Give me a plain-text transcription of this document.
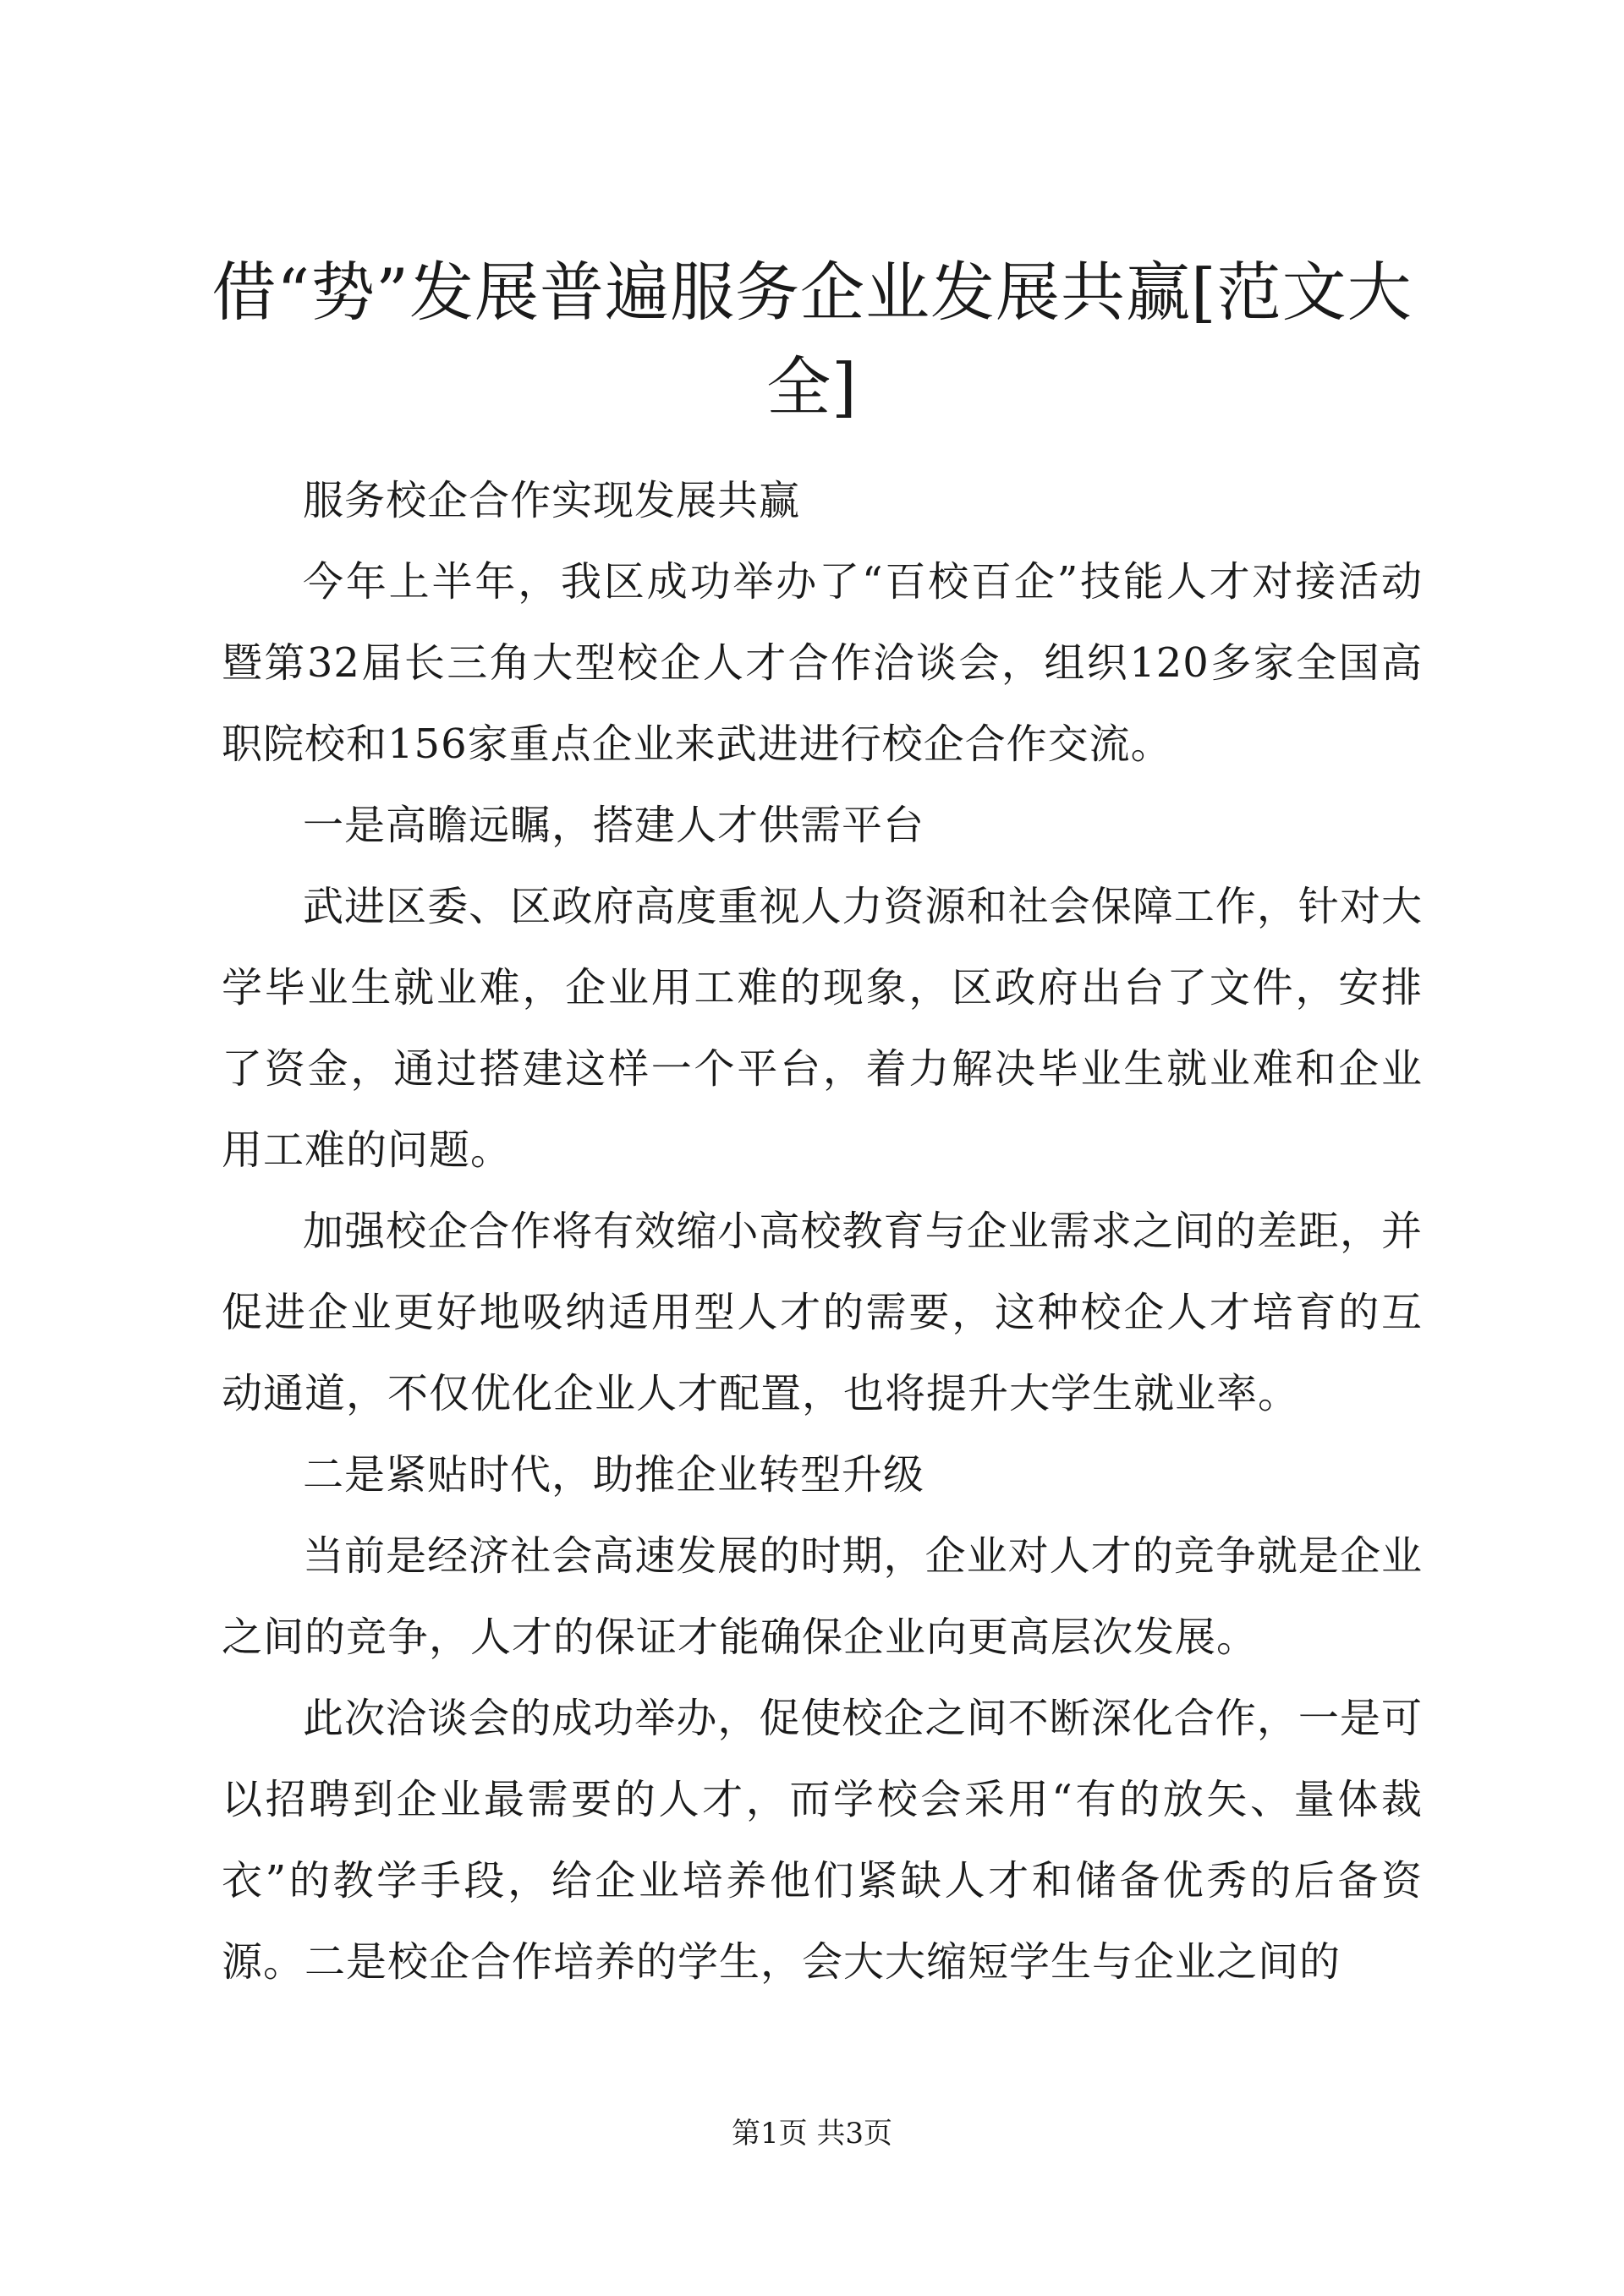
借“势”发展普遍服务企业发展共赢[范文大全]

服务校企合作实现发展共赢

今年上半年，我区成功举办了“百校百企”技能人才对接活动暨第32届长三角大型校企人才合作洽谈会，组织120多家全国高职院校和156家重点企业来武进进行校企合作交流。

一是高瞻远瞩，搭建人才供需平台

武进区委、区政府高度重视人力资源和社会保障工作，针对大学毕业生就业难，企业用工难的现象，区政府出台了文件，安排了资金，通过搭建这样一个平台，着力解决毕业生就业难和企业用工难的问题。

加强校企合作将有效缩小高校教育与企业需求之间的差距，并促进企业更好地吸纳适用型人才的需要，这种校企人才培育的互动通道，不仅优化企业人才配置，也将提升大学生就业率。

二是紧贴时代，助推企业转型升级

当前是经济社会高速发展的时期，企业对人才的竞争就是企业之间的竞争，人才的保证才能确保企业向更高层次发展。

此次洽谈会的成功举办，促使校企之间不断深化合作，一是可以招聘到企业最需要的人才，而学校会采用“有的放矢、量体裁衣”的教学手段，给企业培养他们紧缺人才和储备优秀的后备资源。二是校企合作培养的学生，会大大缩短学生与企业之间的

第1页 共3页
